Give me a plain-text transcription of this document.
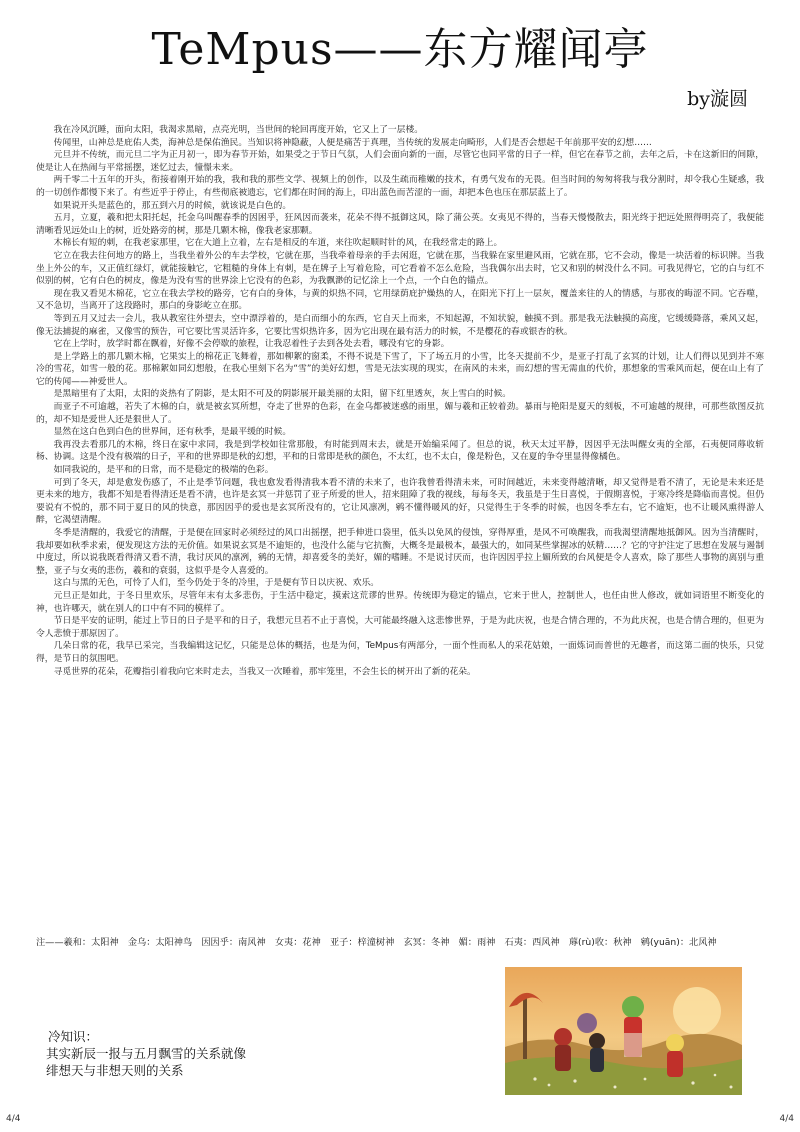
TeMpus——东方耀闻亭
by漩圆

我在冷风沉睡，面向太阳，我渴求黑暗，点亮光明，当世间的轮回再度开始，它又上了一层楼。

传闻里，山神总是庇佑人类，海神总是保佑渔民。当知识将神隐蔽，人便是痛苦于真理，当传统的发展走向畸形，人们是否会想起千年前那平安的幻想……

元旦并不传统，而元旦二字为正月初一，即为春节开始，如果受之于节日气氛，人们会面向新的一面，尽管它也同平常的日子一样，但它在春节之前，去年之后，卡在这新旧的间隙，使是让人在热闹与平常摇摆，迷忆过去，憧憬未来。

两千零二十五年的开头，衔接着刚开始的我，我和我的那些文学、视频上的创作，以及生疏而稚嫩的技术，有勇气发布的无畏。但当时间的匆匆将我与我分割时，却令我心生疑惑，我的一切创作都慢下来了。有些近乎于停止，有些彻底被遗忘，它们都在时间的海上，印出蓝色而苦涩的一面，却把本色也压在那层蓝上了。

如果说开头是蓝色的，那五到六月的时候，就该说是白色的。

五月，立夏，羲和把太阳托起，托金乌叫醒春季的因困乎，狂风因而袭来，花朵不得不抵御这风，除了蒲公英。女夷见不得的，当春天慢慢散去，阳光终于把远处照得明亮了，我便能清晰看见远处山上的树，近处路旁的树，那是几颗木棉，像我老家那颗。

木棉长有短的刺，在我老家那里，它在大道上立着，左右是相反的车道，来往吹起顺时针的风，在我经常走的路上。

它立在我去往何地方的路上，当我坐着外公的车去学校，它就在那，当我牵着母亲的手去闲逛，它就在那，当我躲在家里避风雨，它就在那，它不会动，像是一块活着的标识牌。当我坐上外公的车，又正值红绿灯，就能接触它，它粗糙的身体上有刺，是在牌子上写着危险，可它看着不怎么危险，当我偶尔出去时，它又和别的树没什么不同。可我见得它，它的白与红不似别的树，它有白色的树皮，像是为没有雪的世界涂上它没有的色彩，为我飘渺的记忆涂上一个点，一个白色的锚点。

现在我又看见木棉花，它立在我去学校的路旁，它有白的身体，与黄的炽热不同，它用绿荫庇护燥热的人，在阳光下打上一层灰，覆盖来往的人的情感，与那夜的晦涩不同。它吞噬，又不急切，当离开了这段路时，那白的身影屹立在那。

等到五月又过去一会儿，我从教室往外望去，空中漂浮着的，是白而细小的东西，它自天上而来，不知起源，不知状貌，触摸不到。那是我无法触摸的高度，它缓缓降落，乘风又起，像无法捕捉的麻雀，又像雪的预告，可它要比雪灵活许多，它要比雪炽热许多，因为它出现在最有活力的时候，不是樱花的春或银杏的秋。

它在上学时，放学时都在飘着，好像不会停歇的旅程，让我忍着性子去到各处去看，哪没有它的身影。

是上学路上的那几颗木棉，它果实上的棉花正飞舞着，那如柳絮的窗柔，不得不说是下雪了，下了场五月的小雪，比冬天提前不少，是亚子打乱了玄冥的计划，让人们得以见到并不寒冷的雪花，如雪一般的花。那棉絮如同幻想般，在我心里刻下名为“雪”的美好幻想，雪是无法实现的现实，在南风的未来，而幻想的雪无需血的代价，那想象的雪乘风而起，便在山上有了它的传闻——神爱世人。

是黑暗里有了太阳，太阳的炎热有了阴影，是太阳不可及的阴影展开最美丽的太阳，留下红里透灰，灰上雪白的时候。

而亚子不可逾越，若失了木棉的白，就是被玄冥所想，夺走了世界的色彩，在金乌都被迷惑的雨里，媚与羲和正较着劲。暴雨与艳阳是夏天的刻板，不可逾越的规律，可那些欲图反抗的，却不知是爱世人还是狠世人了。

显然在这白色到白色的世界间，还有秋季，是最平缓的时候。

我再没去看那几的木棉，终日在家中求同，我是到学校如往常那般，有时能到周末去，就是开始编采闻了。但总的说，秋天太过平静，因因乎无法叫醒女夷的全部，石夷便同蓐收斩杨、协调。这是个没有极端的日子，平和的世界即是秋的幻想，平和的日常即是秋的颜色，不太红，也不太白，像是粉色，又在夏的争夺里显得像橘色。

如同我说的，是平和的日常，而不是稳定的极端的色彩。

可到了冬天，却是愈发伤感了，不止是季节问题，我也愈发看得清我本看不清的未来了，也许我曾看得清未来，可时间越近，未来变得越清晰，却又觉得是看不清了，无论是未来还是更未来的地方，我都不知是看得清还是看不清，也许是玄冥一并惩罚了亚子所爱的世人，招来阻障了我的视线，每每冬天，我虽是于生日喜悦，于假期喜悦，于寒冷终是降临而喜悦。但仍要说有不悦的，那不同于夏日的风的快意，那因因乎的爱也是玄冥所没有的，它让风凛冽，鹓不懂得暖风的好，只觉得生于冬季的时候，也因冬季左右，它不逾矩，也不让暖风熏得游人醉，它渴望清醒。

冬季是清醒的，我爱它的清醒，于是便在回家时必须经过的风口出摇摆，把手伸进口袋里，低头以免风的侵蚀，穿得厚重，是风不可唤醒我，而我渴望清醒地抵御风。因为当清醒时，我却要如秋季求索，便发现这方法的无价值。如果说玄冥是不逾矩的，也没什么能与它抗衡，大概冬是最极本，最强大的，如同某些掌握冰的妖精……？它的守护注定了思想在发展与遏制中度过，所以说我既看得清又看不清，我讨厌风的凛冽，鹓的无情，却喜爱冬的美好，媚的嗜睡。不是说讨厌而，也许因因乎拉上媚所致的台风便是令人喜欢，除了那些人事物的离别与重整，亚子与女夷的悲伤，羲和的衰弱，这似乎是令人喜爱的。

这白与黑的无色，可怜了人们，至今仍处于冬的冷里，于是便有节日以庆祝、欢乐。

元旦正是如此，于冬日里欢乐，尽管年末有太多悲伤，于生活中稳定，摸索这荒谬的世界。传统即为稳定的锚点，它来于世人，控制世人，也任由世人修改，就如词语里不断变化的神，也许哪天，就在别人的口中有不同的模样了。

节日是平安的证明，能过上节日的日子是平和的日子，我想元旦若不止于喜悦，大可能最终融入这悲惨世界，于是为此庆祝，也是合情合理的，不为此庆祝，也是合情合理的，但更为令人悲愤于那原因了。

几朵日常的花，我早已采完，当我编辑这记忆，只能是总体的概括，也是为何，TeMpus有两部分，一面个性而私人的采花姑娘，一面炼词而普世的无趣者，而这第二面的快乐，只觉得，是节日的氛围吧。

寻觅世界的花朵，花瓣指引着我向它来时走去，当我又一次睡着，那牢笼里，不会生长的树开出了新的花朵。

注——羲和：太阳神　金乌：太阳神鸟　因因乎：南风神　女夷：花神　亚子：梓潼树神　玄冥：冬神　媚：雨神　石夷：西风神　蓐(rù)收：秋神　鹓(yuān)：北风神
冷知识：
其实新辰一报与五月飘雪的关系就像
绯想天与非想天则的关系
4/4	4/4
